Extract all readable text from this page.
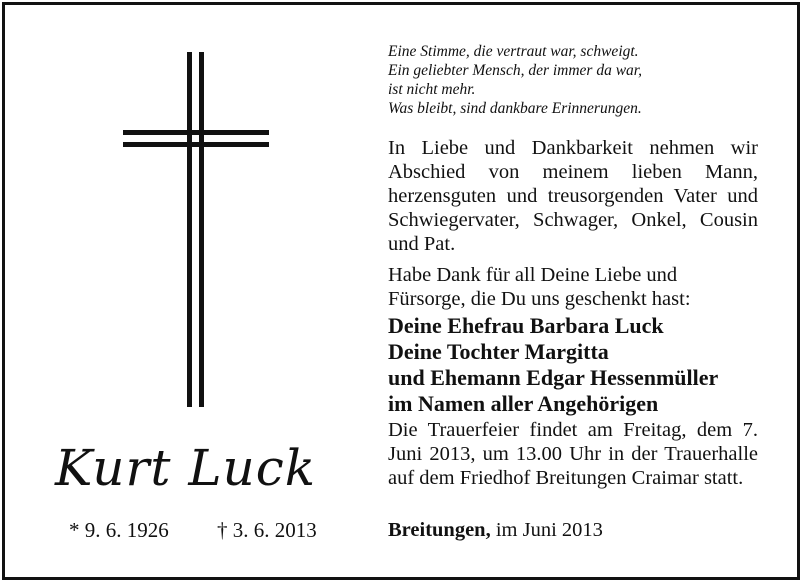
Kurt Luck
* 9. 6. 1926 † 3. 6. 2013
Eine Stimme, die vertraut war, schweigt.
Ein geliebter Mensch, der immer da war,
ist nicht mehr.
Was bleibt, sind dankbare Erinnerungen.
In Liebe und Dankbarkeit nehmen wir Abschied von meinem lieben Mann, herzensguten und treusorgenden Vater und Schwiegervater, Schwager, Onkel, Cousin und Pat.
Habe Dank für all Deine Liebe und
Fürsorge, die Du uns geschenkt hast:
Deine Ehefrau Barbara Luck
Deine Tochter Margitta
und Ehemann Edgar Hessenmüller
im Namen aller Angehörigen
Die Trauerfeier findet am Freitag, dem 7. Juni 2013, um 13.00 Uhr in der Trauerhalle auf dem Friedhof Breitungen Craimar statt.
Breitungen, im Juni 2013
